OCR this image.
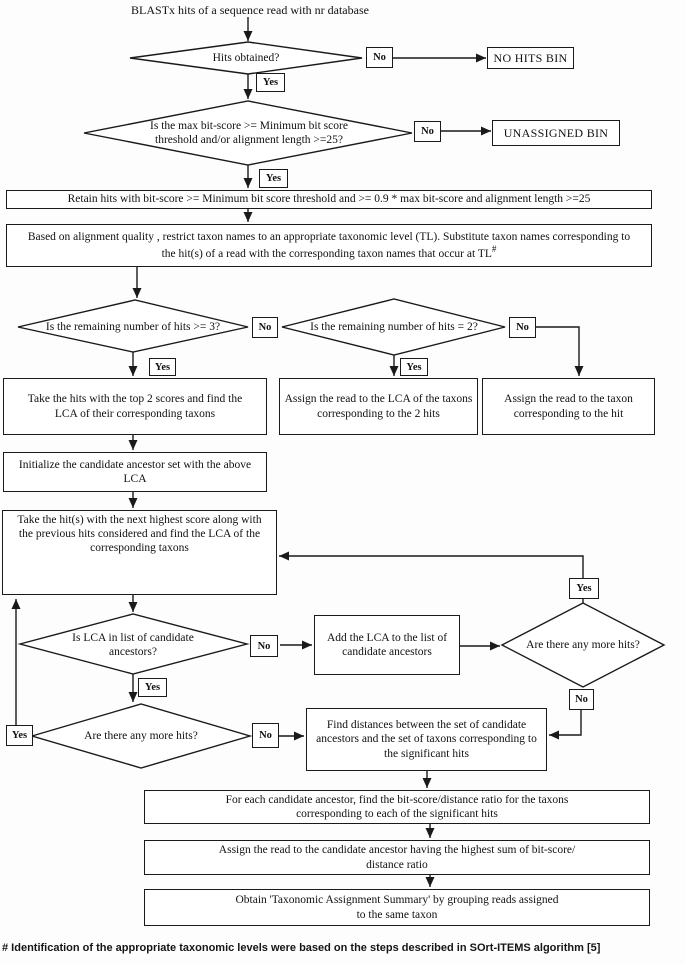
BLASTx hits of a sequence read with nr database
Hits obtained?
Is the max bit-score >= Minimum bit score threshold and/or alignment length >=25?
Is the remaining number of hits >= 3?	Is the remaining number of hits = 2?
Is LCA in list of candidate ancestors?
Are there any more hits?
Are there any more hits?
NO HITS BIN
UNASSIGNED BIN
Retain hits with bit-score >= Minimum bit score threshold and >= 0.9 * max bit-score and alignment length >=25
Based on alignment quality , restrict taxon names to an appropriate taxonomic level (TL). Substitute taxon names corresponding to the hit(s) of a read with the corresponding taxon names that occur at TL#
Take the hits with the top 2 scores and find the LCA of their corresponding taxons
Assign the read to the LCA of the taxons corresponding to the 2 hits
Assign the read to the taxon corresponding to the hit
Initialize the candidate ancestor set with the above LCA
Take the hit(s) with the next highest score along with the previous hits considered and find the LCA of the corresponding taxons
Add the LCA to the list of candidate ancestors
Find distances between the set of candidate ancestors and the set of taxons corresponding to the significant hits
For each candidate ancestor, find the bit-score/distance ratio for the taxons corresponding to each of the significant hits
Assign the read to the candidate ancestor having the highest sum of bit-score/ distance ratio
Obtain 'Taxonomic Assignment Summary' by grouping reads assigned to the same taxon
No
Yes
No
Yes
No
Yes
No
Yes
No
Yes
Yes
No
Yes	No
# Identification of the appropriate taxonomic levels were based on the steps described in SOrt-ITEMS algorithm [5]
